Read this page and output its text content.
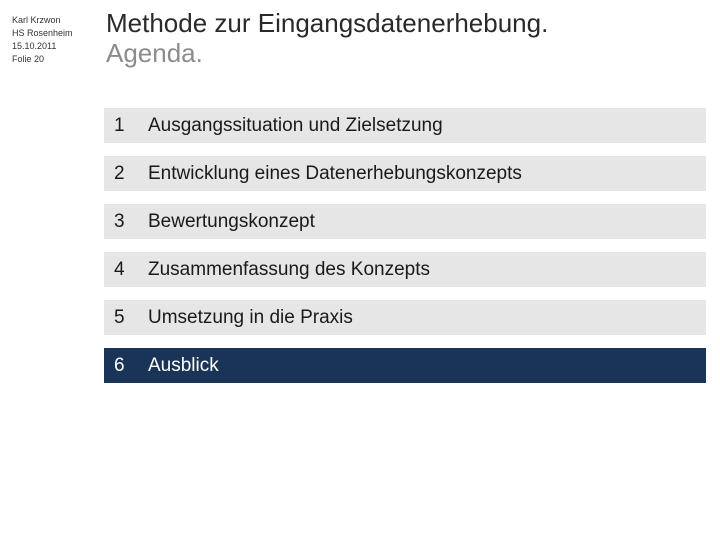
Karl Krzwon
HS Rosenheim
15.10.2011
Folie 20
Methode zur Eingangsdatenerhebung.
Agenda.
1	Ausgangssituation und Zielsetzung
2	Entwicklung eines Datenerhebungskonzepts
3	Bewertungskonzept
4	Zusammenfassung des Konzepts
5	Umsetzung in die Praxis
6	Ausblick
